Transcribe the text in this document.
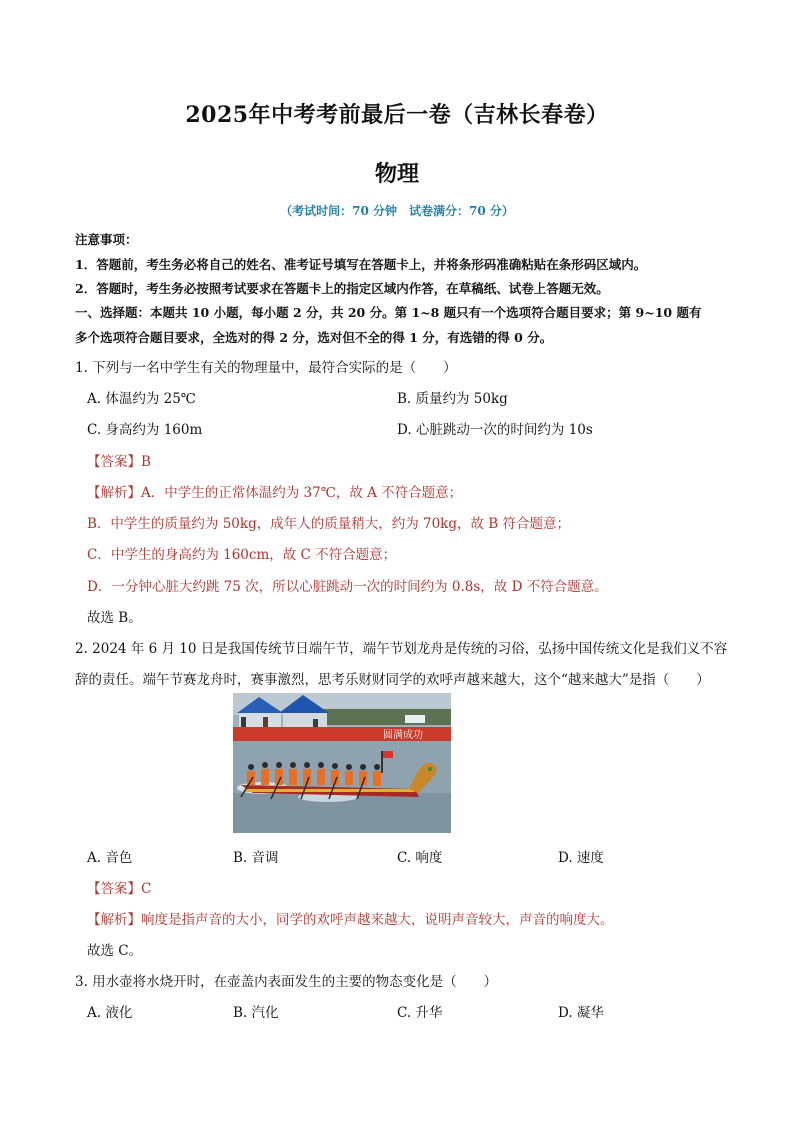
2025年中考考前最后一卷（吉林长春卷）
物理
（考试时间：70 分钟　试卷满分：70 分）
注意事项：
1．答题前，考生务必将自己的姓名、准考证号填写在答题卡上，并将条形码准确粘贴在条形码区域内。
2．答题时，考生务必按照考试要求在答题卡上的指定区域内作答，在草稿纸、试卷上答题无效。
一、选择题：本题共 10 小题，每小题 2 分，共 20 分。第 1~8 题只有一个选项符合题目要求；第 9~10 题有
多个选项符合题目要求，全选对的得 2 分，选对但不全的得 1 分，有选错的得 0 分。
1. 下列与一名中学生有关的物理量中，最符合实际的是（　　）
A. 体温约为 25℃	B. 质量约为 50kg
C. 身高约为 160m	D. 心脏跳动一次的时间约为 10s
【答案】B
【解析】A．中学生的正常体温约为 37℃，故 A 不符合题意；
B．中学生的质量约为 50kg，成年人的质量稍大，约为 70kg，故 B 符合题意；
C．中学生的身高约为 160cm，故 C 不符合题意；
D．一分钟心脏大约跳 75 次，所以心脏跳动一次的时间约为 0.8s，故 D 不符合题意。
故选 B。
2. 2024 年 6 月 10 日是我国传统节日端午节，端午节划龙舟是传统的习俗，弘扬中国传统文化是我们义不容
辞的责任。端午节赛龙舟时，赛事激烈，思考乐财财同学的欢呼声越来越大，这个“越来越大”是指（　　）
圆满成功
A. 音色	B. 音调	C. 响度	D. 速度
【答案】C
【解析】响度是指声音的大小，同学的欢呼声越来越大，说明声音较大，声音的响度大。
故选 C。
3. 用水壶将水烧开时，在壶盖内表面发生的主要的物态变化是（　　）
A. 液化	B. 汽化	C. 升华	D. 凝华
